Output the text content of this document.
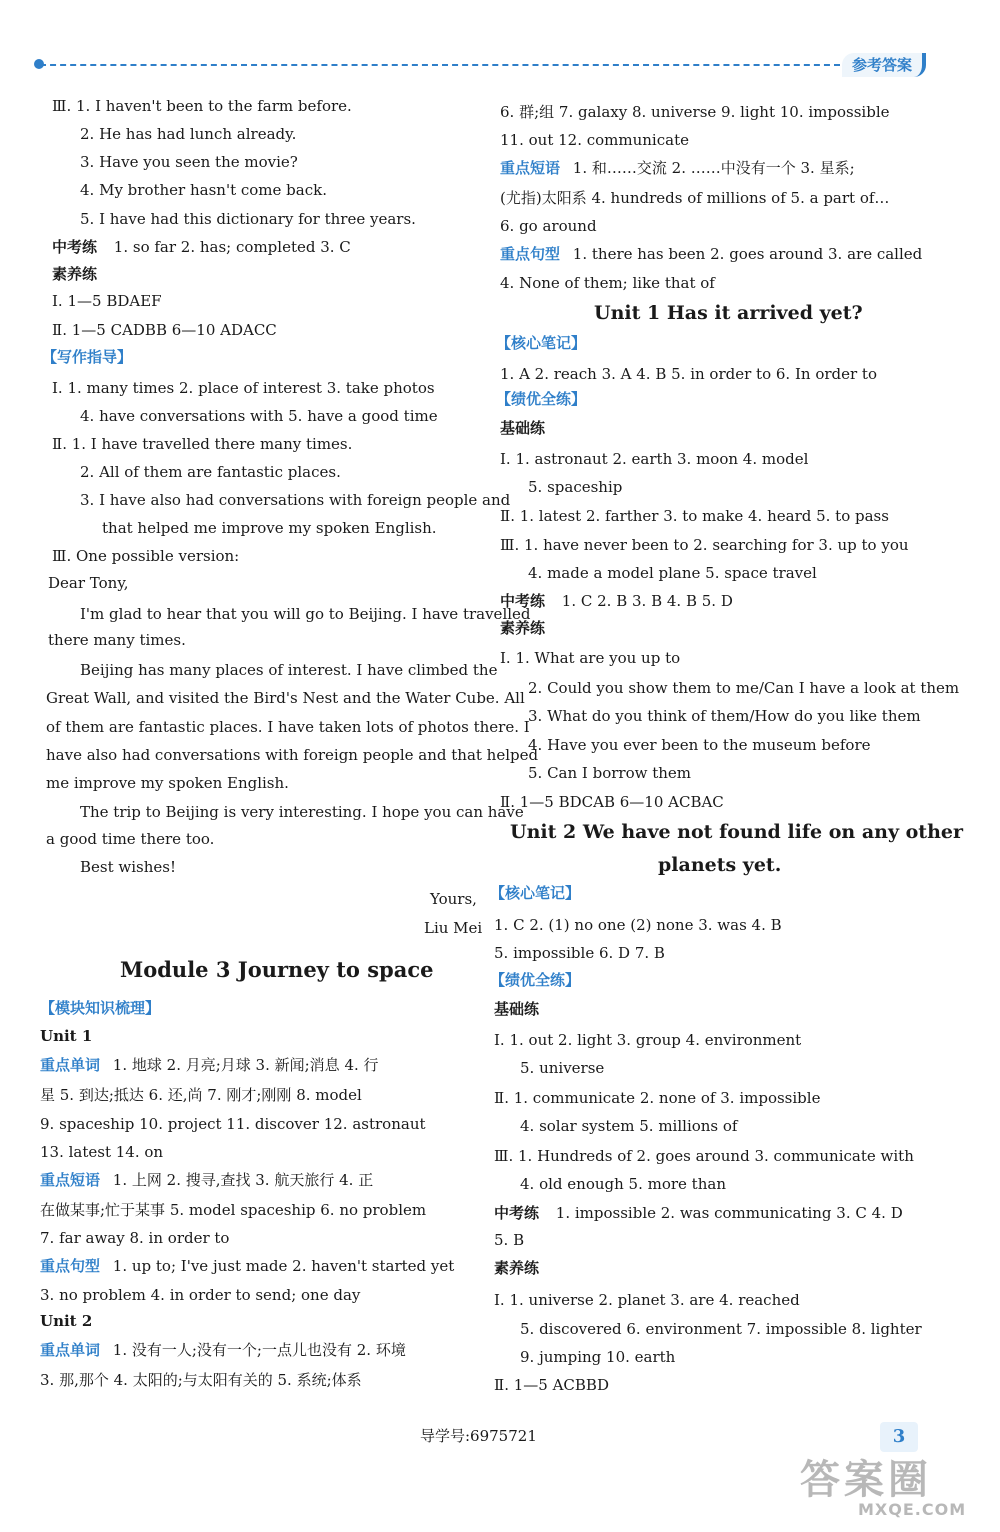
参考答案
Ⅲ. 1. I haven't been to the farm before.
2. He has had lunch already.
3. Have you seen the movie?
4. My brother hasn't come back.
5. I have had this dictionary for three years.
中考练 1. so far 2. has; completed 3. C
素养练
Ⅰ. 1—5 BDAEF
Ⅱ. 1—5 CADBB 6—10 ADACC
【写作指导】
Ⅰ. 1. many times 2. place of interest 3. take photos
4. have conversations with 5. have a good time
Ⅱ. 1. I have travelled there many times.
2. All of them are fantastic places.
3. I have also had conversations with foreign people and
that helped me improve my spoken English.
Ⅲ. One possible version:
Dear Tony,
I'm glad to hear that you will go to Beijing. I have travelled
there many times.
Beijing has many places of interest. I have climbed the
Great Wall, and visited the Bird's Nest and the Water Cube. All
of them are fantastic places. I have taken lots of photos there. I
have also had conversations with foreign people and that helped
me improve my spoken English.
The trip to Beijing is very interesting. I hope you can have
a good time there too.
Best wishes!
Yours,
Liu Mei
Module 3 Journey to space
【模块知识梳理】
Unit 1
重点单词 1. 地球 2. 月亮;月球 3. 新闻;消息 4. 行
星 5. 到达;抵达 6. 还,尚 7. 刚才;刚刚 8. model
9. spaceship 10. project 11. discover 12. astronaut
13. latest 14. on
重点短语 1. 上网 2. 搜寻,查找 3. 航天旅行 4. 正
在做某事;忙于某事 5. model spaceship 6. no problem
7. far away 8. in order to
重点句型 1. up to; I've just made 2. haven't started yet
3. no problem 4. in order to send; one day
Unit 2
重点单词 1. 没有一人;没有一个;一点儿也没有 2. 环境
3. 那,那个 4. 太阳的;与太阳有关的 5. 系统;体系
6. 群;组 7. galaxy 8. universe 9. light 10. impossible
11. out 12. communicate
重点短语 1. 和……交流 2. ……中没有一个 3. 星系;
(尤指)太阳系 4. hundreds of millions of 5. a part of…
6. go around
重点句型 1. there has been 2. goes around 3. are called
4. None of them; like that of
Unit 1 Has it arrived yet?
【核心笔记】
1. A 2. reach 3. A 4. B 5. in order to 6. In order to
【绩优全练】
基础练
Ⅰ. 1. astronaut 2. earth 3. moon 4. model
5. spaceship
Ⅱ. 1. latest 2. farther 3. to make 4. heard 5. to pass
Ⅲ. 1. have never been to 2. searching for 3. up to you
4. made a model plane 5. space travel
中考练 1. C 2. B 3. B 4. B 5. D
素养练
Ⅰ. 1. What are you up to
2. Could you show them to me/Can I have a look at them
3. What do you think of them/How do you like them
4. Have you ever been to the museum before
5. Can I borrow them
Ⅱ. 1—5 BDCAB 6—10 ACBAC
Unit 2 We have not found life on any other
planets yet.
【核心笔记】
1. C 2. (1) no one (2) none 3. was 4. B
5. impossible 6. D 7. B
【绩优全练】
基础练
Ⅰ. 1. out 2. light 3. group 4. environment
5. universe
Ⅱ. 1. communicate 2. none of 3. impossible
4. solar system 5. millions of
Ⅲ. 1. Hundreds of 2. goes around 3. communicate with
4. old enough 5. more than
中考练 1. impossible 2. was communicating 3. C 4. D
5. B
素养练
Ⅰ. 1. universe 2. planet 3. are 4. reached
5. discovered 6. environment 7. impossible 8. lighter
9. jumping 10. earth
Ⅱ. 1—5 ACBBD
导学号:6975721	3
答案圈
MXQE.COM
